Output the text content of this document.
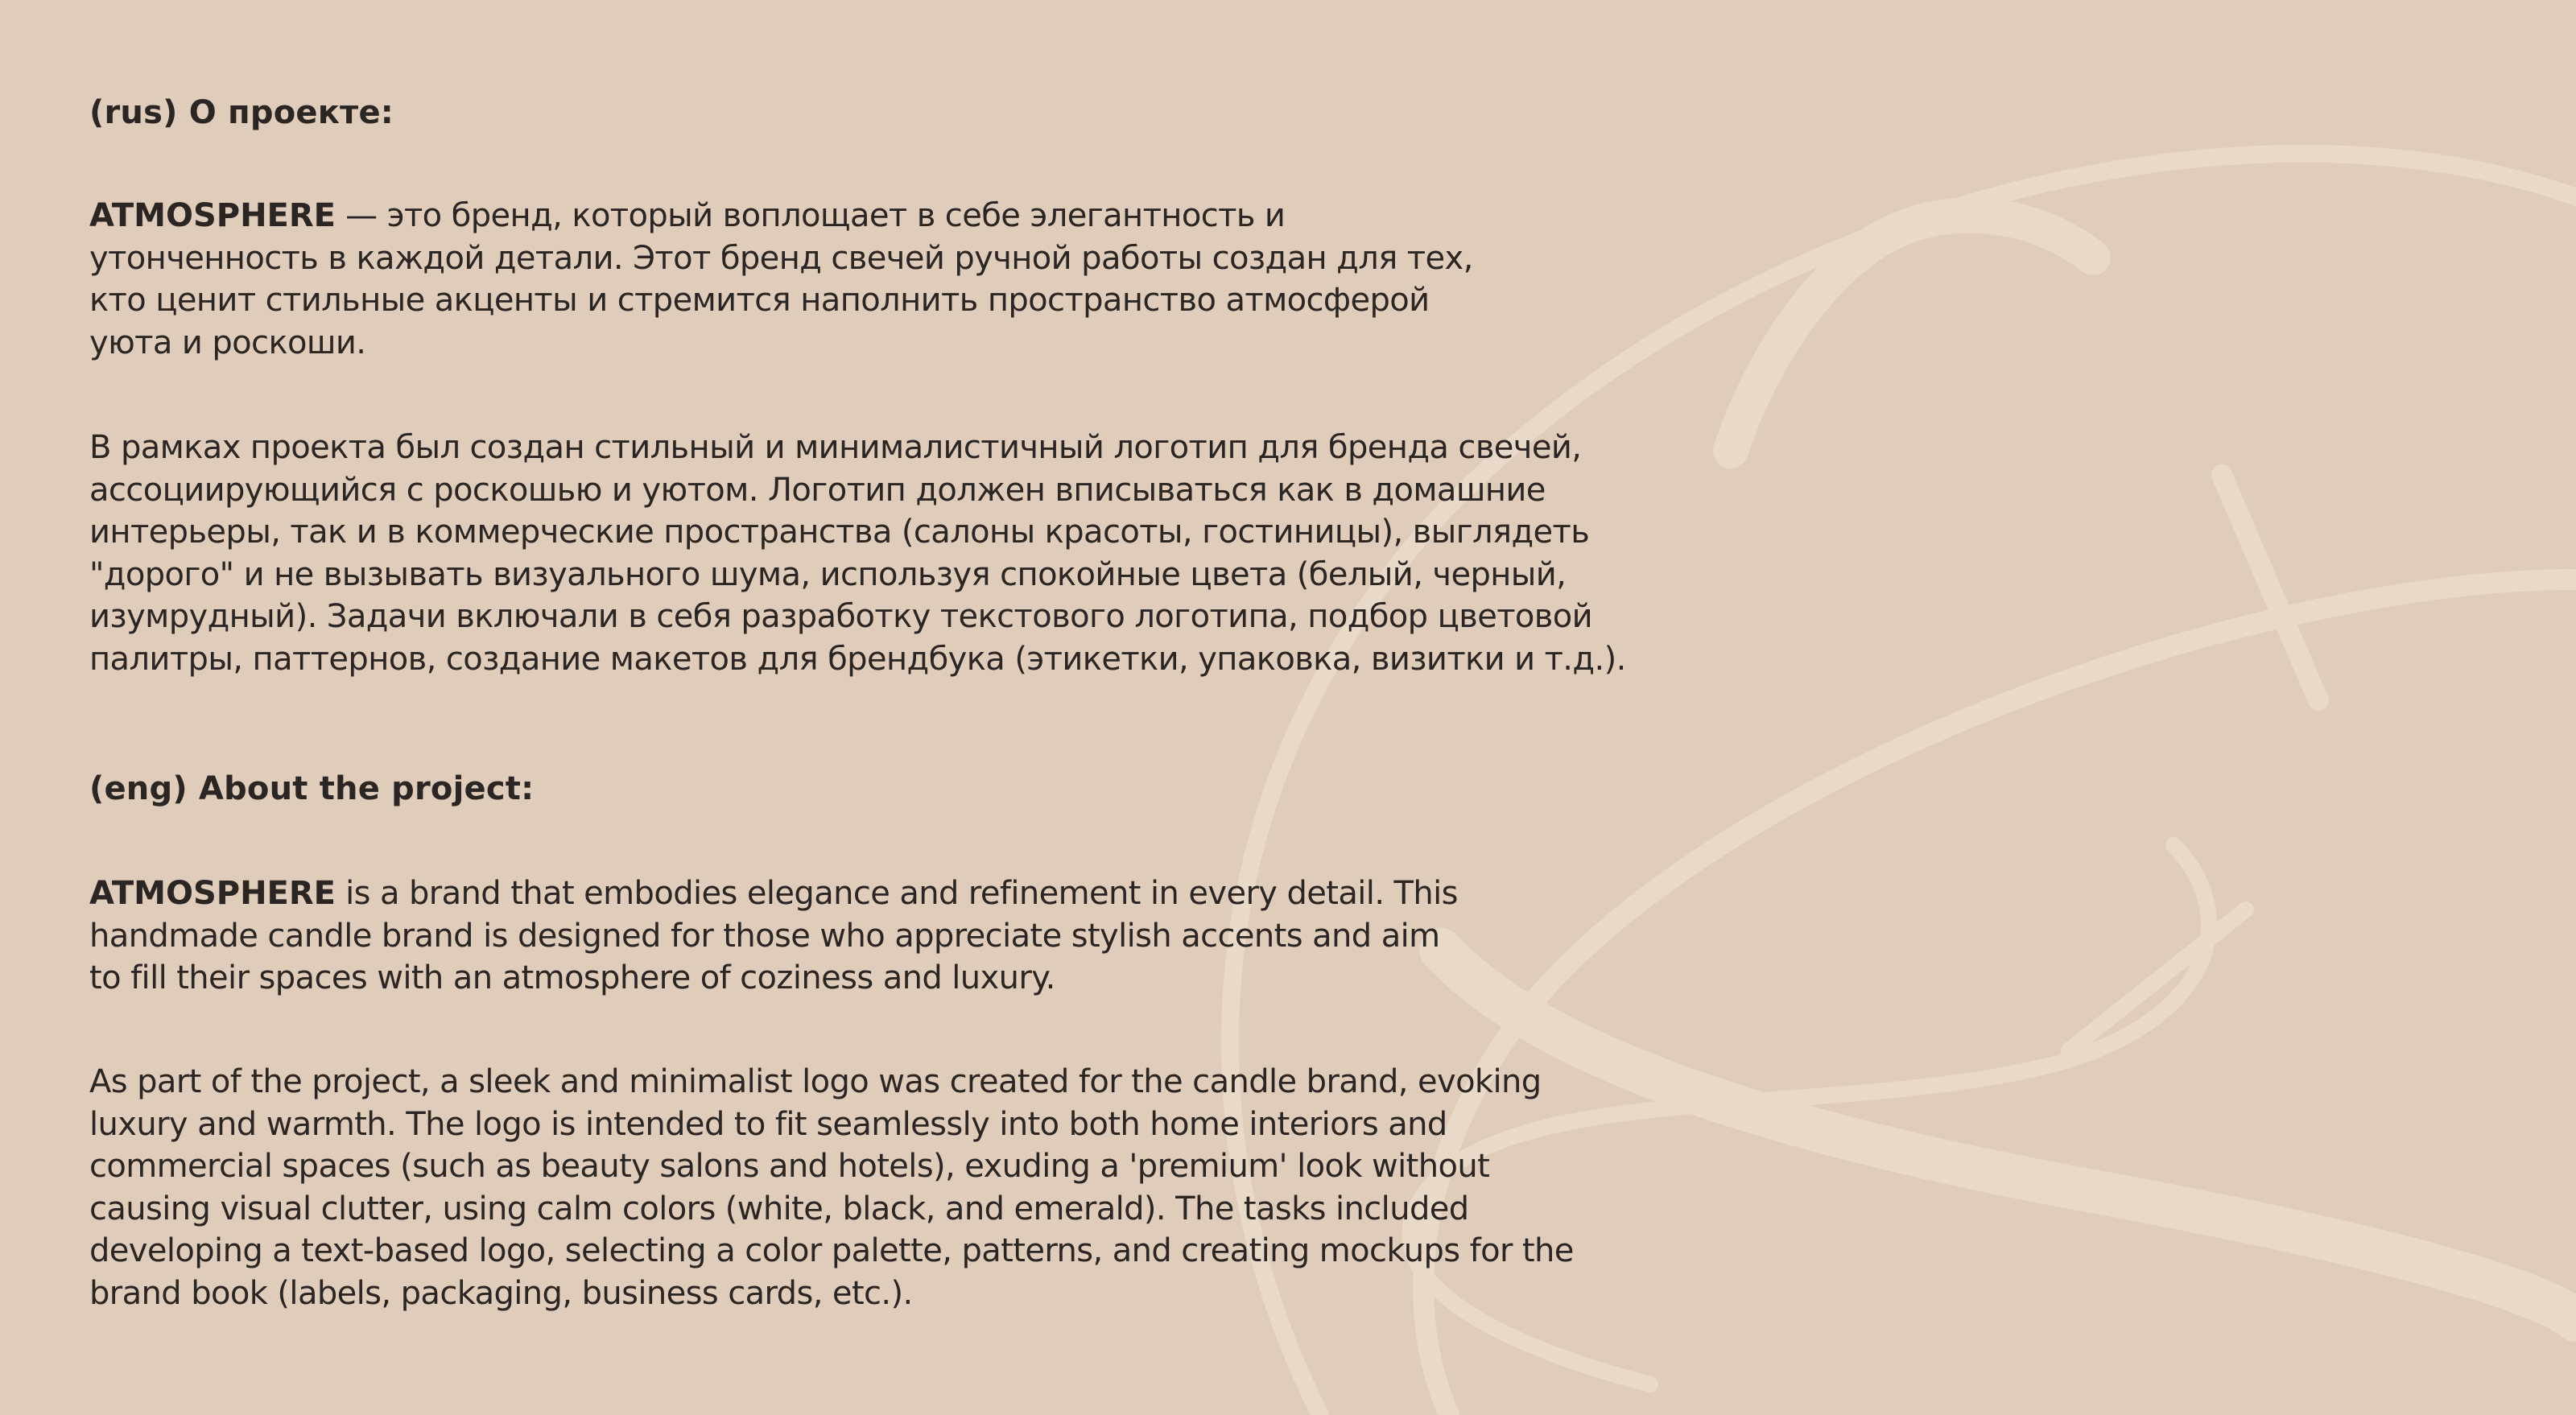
(rus) О проекте:

ATMOSPHERE — это бренд, который воплощает в себе элегантность и
утонченность в каждой детали. Этот бренд свечей ручной работы создан для тех,
кто ценит стильные акценты и стремится наполнить пространство атмосферой
уюта и роскоши.

В рамках проекта был создан стильный и минималистичный логотип для бренда свечей,
ассоциирующийся с роскошью и уютом. Логотип должен вписываться как в домашние
интерьеры, так и в коммерческие пространства (салоны красоты, гостиницы), выглядеть
"дорого" и не вызывать визуального шума, используя спокойные цвета (белый, черный,
изумрудный). Задачи включали в себя разработку текстового логотипа, подбор цветовой
палитры, паттернов, создание макетов для брендбука (этикетки, упаковка, визитки и т.д.).

(eng) About the project:

ATMOSPHERE is a brand that embodies elegance and refinement in every detail. This
handmade candle brand is designed for those who appreciate stylish accents and aim
to fill their spaces with an atmosphere of coziness and luxury.

As part of the project, a sleek and minimalist logo was created for the candle brand, evoking
luxury and warmth. The logo is intended to fit seamlessly into both home interiors and
commercial spaces (such as beauty salons and hotels), exuding a 'premium' look without
causing visual clutter, using calm colors (white, black, and emerald). The tasks included
developing a text-based logo, selecting a color palette, patterns, and creating mockups for the
brand book (labels, packaging, business cards, etc.).
